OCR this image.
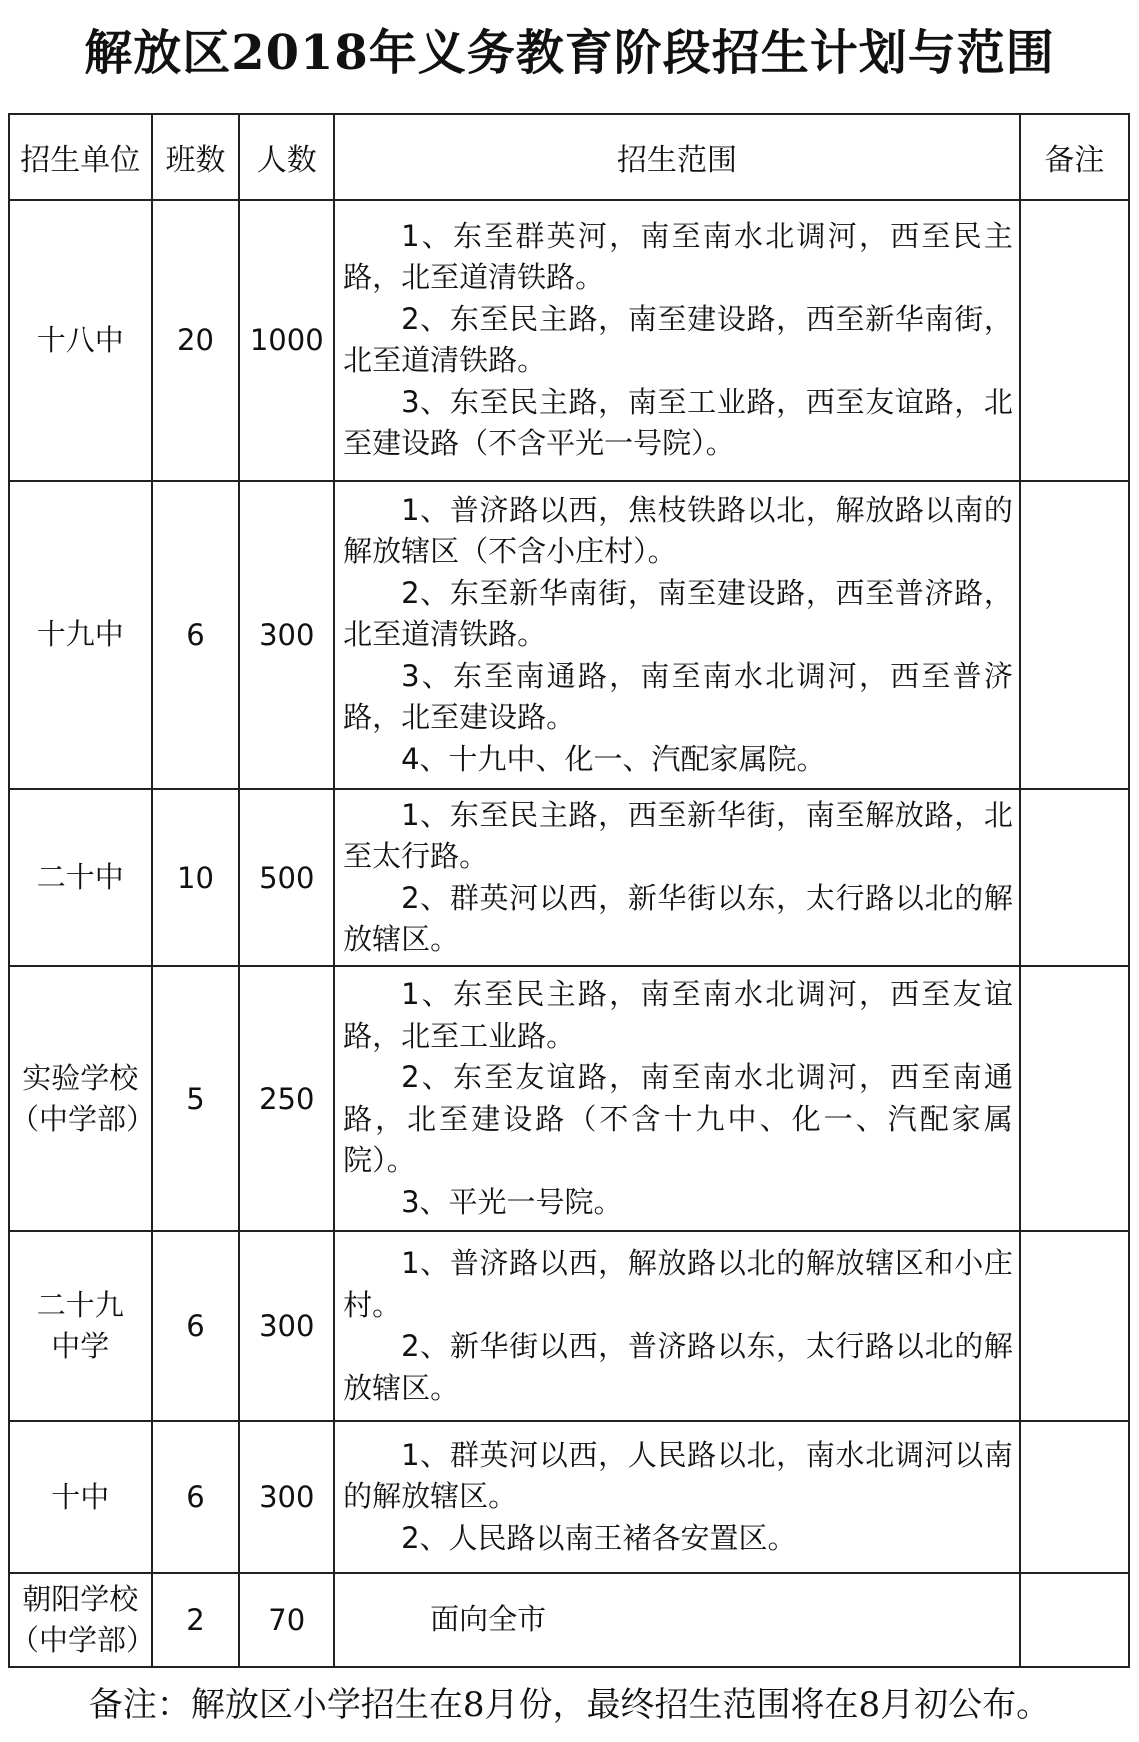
解放区2018年义务教育阶段招生计划与范围
招生单位	班数	人数	招生范围	备注
十八中	20	1000	1、东至群英河，南至南水北调河，西至民主路，北至道清铁路。

2、东至民主路，南至建设路，西至新华南街，北至道清铁路。

3、东至民主路，南至工业路，西至友谊路，北至建设路（不含平光一号院）。	

十九中	6	300	1、普济路以西，焦枝铁路以北，解放路以南的解放辖区（不含小庄村）。

2、东至新华南街，南至建设路，西至普济路，北至道清铁路。

3、东至南通路，南至南水北调河，西至普济路，北至建设路。

4、十九中、化一、汽配家属院。	

二十中	10	500	1、东至民主路，西至新华街，南至解放路，北至太行路。

2、群英河以西，新华街以东，太行路以北的解放辖区。	

实验学校（中学部）	5	250	1、东至民主路，南至南水北调河，西至友谊路，北至工业路。

2、东至友谊路，南至南水北调河，西至南通路，北至建设路（不含十九中、化一、汽配家属院）。

3、平光一号院。	

二十九中学	6	300	1、普济路以西，解放路以北的解放辖区和小庄村。

2、新华街以西，普济路以东，太行路以北的解放辖区。	

十中	6	300	1、群英河以西，人民路以北，南水北调河以南的解放辖区。

2、人民路以南王褚各安置区。	

朝阳学校（中学部）	2	70	面向全市	

备注：解放区小学招生在8月份，最终招生范围将在8月初公布。
